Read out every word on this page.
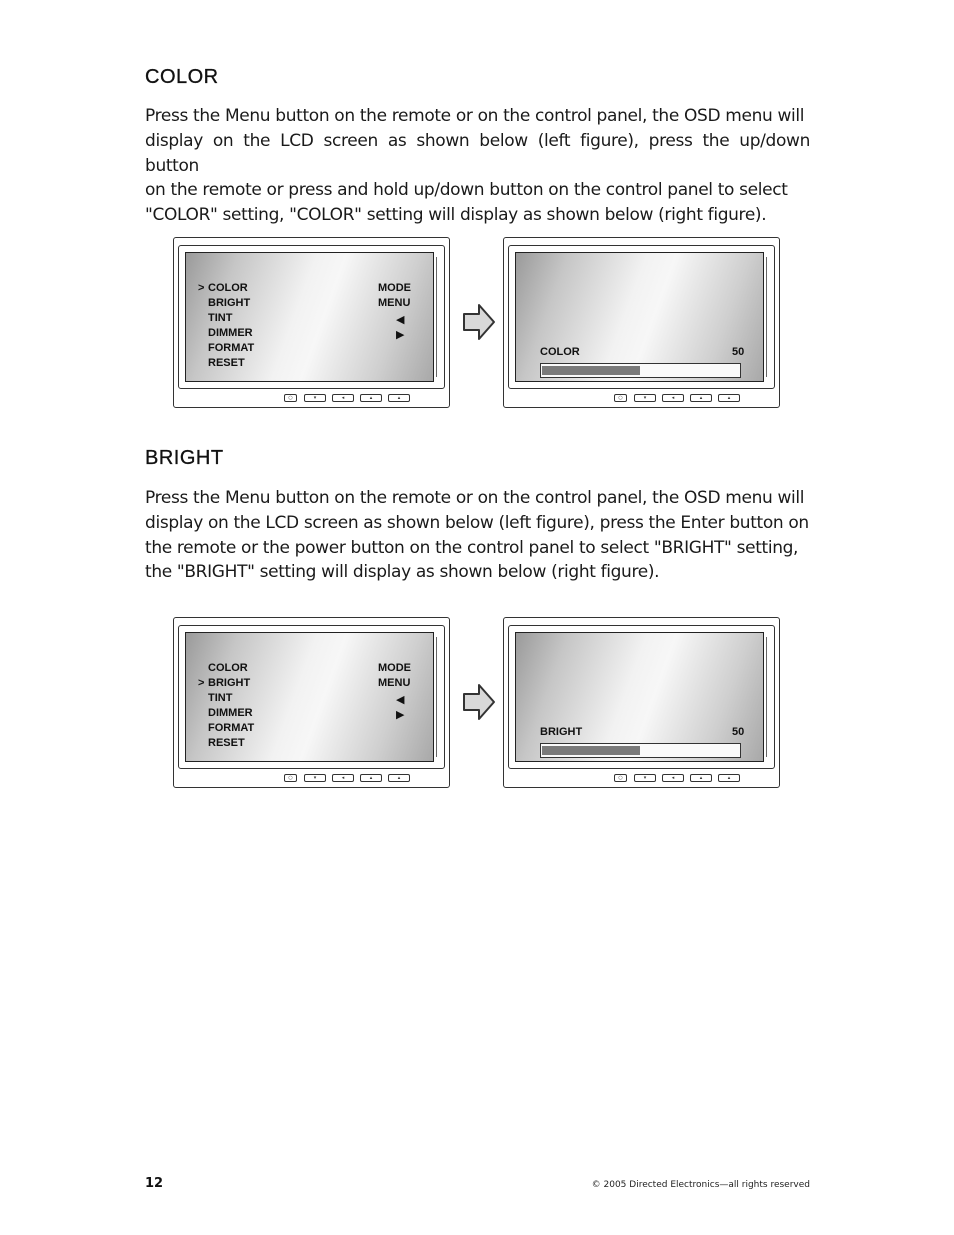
COLOR
Press the Menu button on the remote or on the control panel, the OSD menu will
display on the LCD screen as shown below (left figure), press the up/down button
on the remote or press and hold up/down button on the control panel to select
"COLOR" setting, "COLOR" setting will display as shown below (right figure).
> COLOR
BRIGHT
TINT
DIMMER
FORMAT
RESET
MODE
MENU
◀
▶
○	▾	◂	▴	▴
COLOR	50
○	▾	◂	▴	▴
BRIGHT
Press the Menu button on the remote or on the control panel, the OSD menu will
display on the LCD screen as shown below (left figure), press the Enter button on
the remote or the power button on the control panel to select "BRIGHT" setting,
the "BRIGHT" setting will display as shown below (right figure).
COLOR
> BRIGHT
TINT
DIMMER
FORMAT
RESET
MODE
MENU
◀
▶
○	▾	◂	▴	▴
BRIGHT	50
○	▾	◂	▴	▴
12	© 2005 Directed Electronics—all rights reserved
